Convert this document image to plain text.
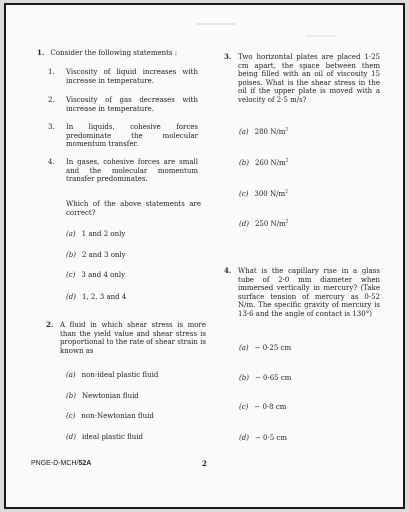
1. Consider the following statements :
1. Viscosity of liquid increases with increase in temperature.
2. Viscosity of gas decreases with increase in temperature.
3. In liquids, cohesive forces predominate the molecular momentum transfer.
4. In gases, cohesive forces are small and the molecular momentum transfer predominates.
Which of the above statements are correct?
(a) 1 and 2 only
(b) 2 and 3 only
(c) 3 and 4 only
(d) 1, 2, 3 and 4
2. A fluid in which shear stress is more than the yield value and shear stress is proportional to the rate of shear strain is known as
(a) non-ideal plastic fluid
(b) Newtonian fluid
(c) non-Newtonian fluid
(d) ideal plastic fluid
3. Two horizontal plates are placed 1·25 cm apart, the space between them being filled with an oil of viscosity 15 poises. What is the shear stress in the oil if the upper plate is moved with a velocity of 2·5 m/s?
(a) 280 $N/m^2$
(b) 260 $N/m^2$
(c) 300 $N/m^2$
(d) 250 $N/m^2$
4. What is the capillary rise in a glass tube of 2·0 mm diameter when immersed vertically in mercury? (Take surface tension of mercury as 0·52 N/m. The specific gravity of mercury is 13·6 and the angle of contact is 130°)
(a) − 0·25 cm
(b) − 0·65 cm
(c) − 0·8 cm
(d) − 0·5 cm
PNGE-D-MCH/52A	2
